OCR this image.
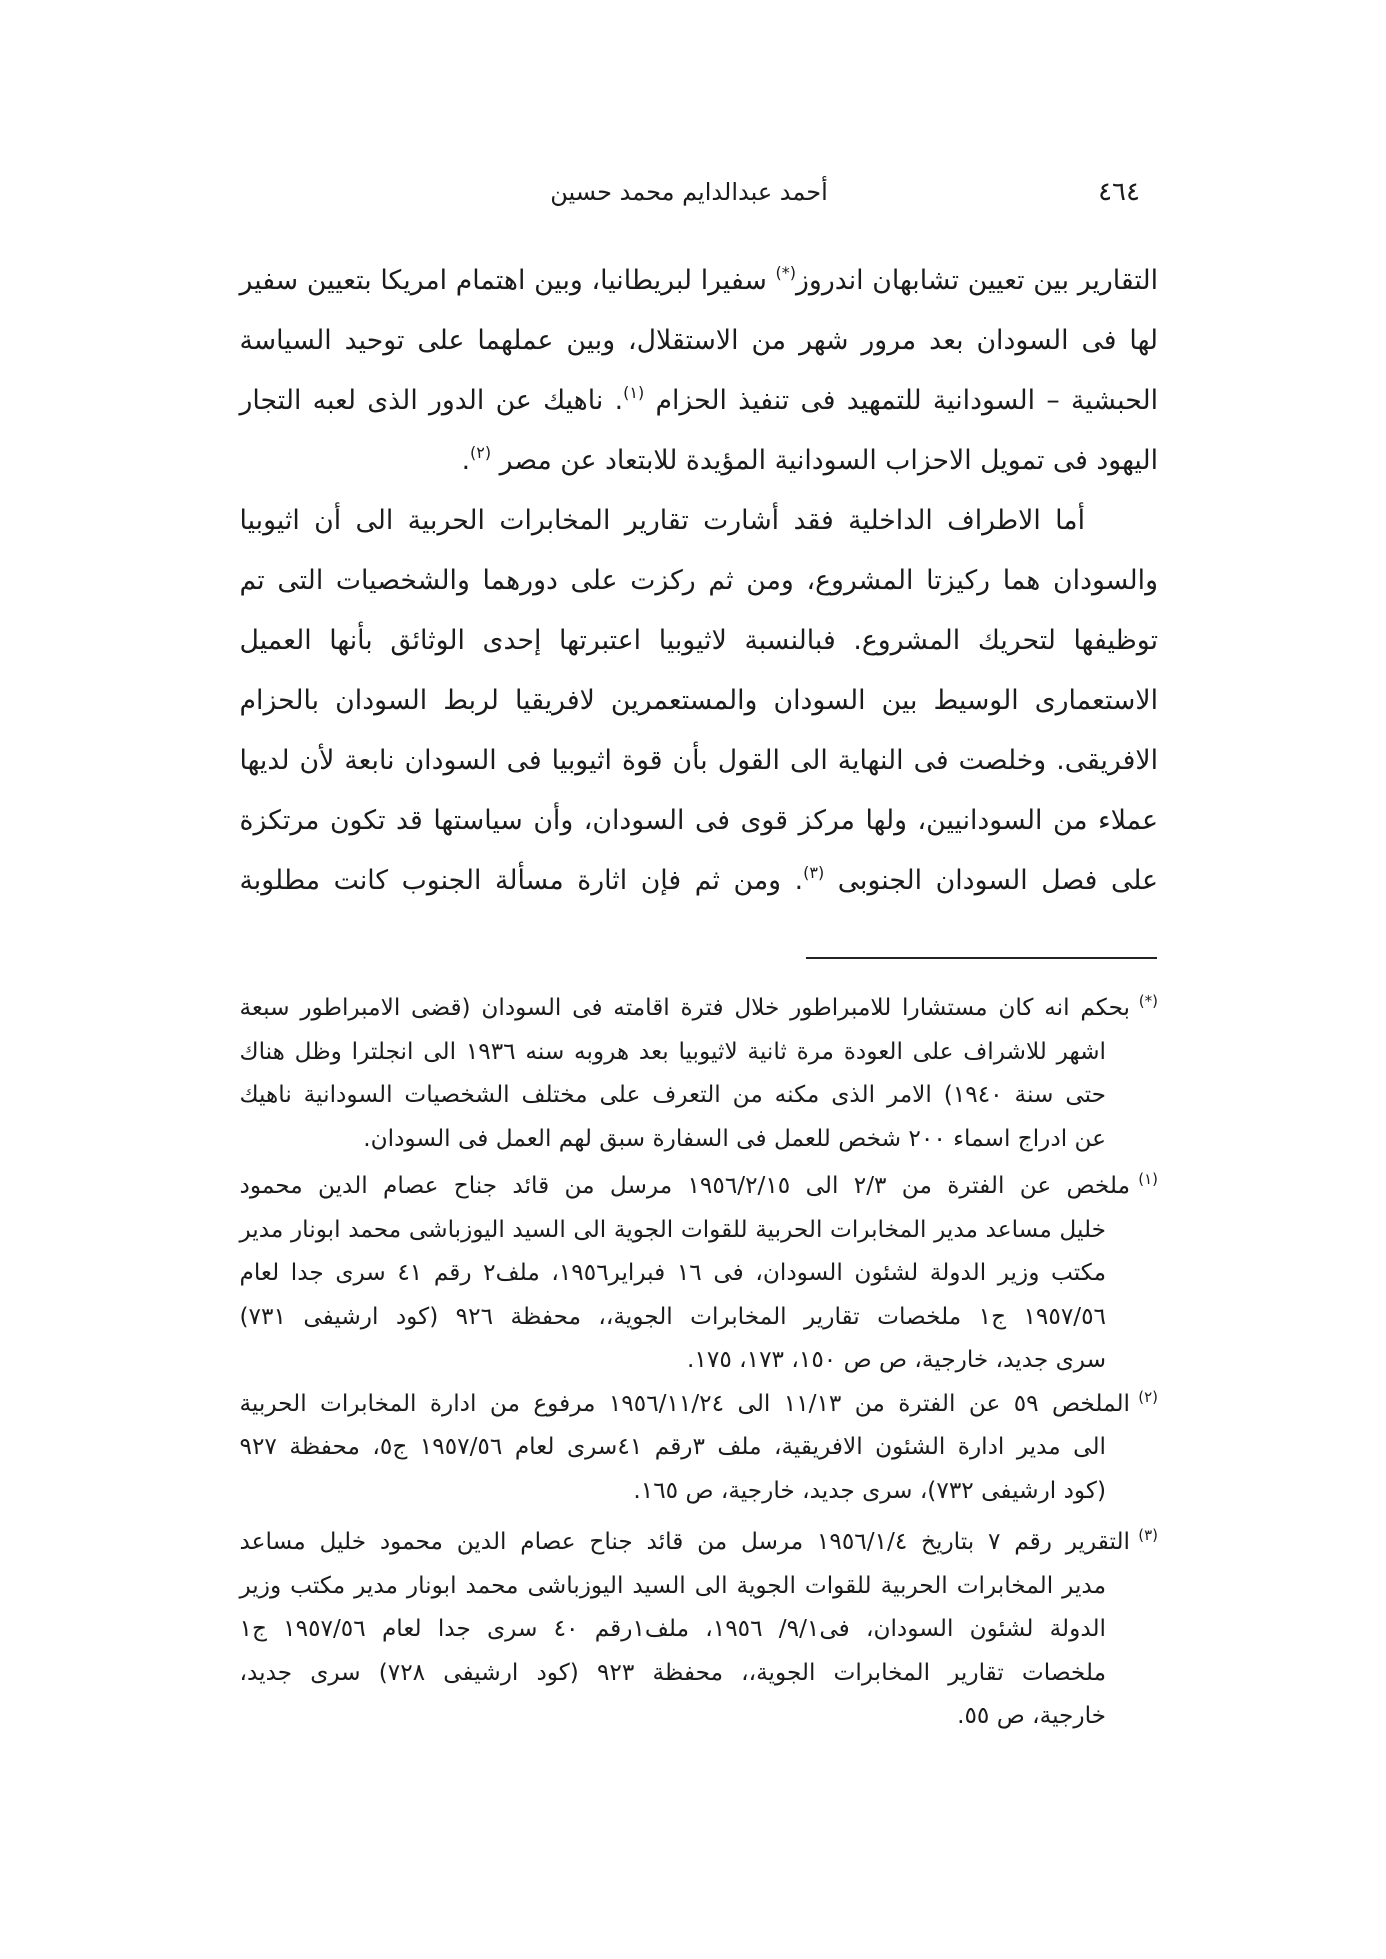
٤٦٤
أحمد عبدالدايم محمد حسين
التقارير بين تعيين تشابهان اندروز(*) سفيرا لبريطانيا، وبين اهتمام امريكا بتعيين سفير
لها فى السودان بعد مرور شهر من الاستقلال، وبين عملهما على توحيد السياسة
الحبشية – السودانية للتمهيد فى تنفيذ الحزام $^{(١)}$. ناهيك عن الدور الذى لعبه التجار
اليهود فى تمويل الاحزاب السودانية المؤيدة للابتعاد عن مصر $^{(٢)}$.
أما الاطراف الداخلية فقد أشارت تقارير المخابرات الحربية الى أن اثيوبيا
والسودان هما ركيزتا المشروع، ومن ثم ركزت على دورهما والشخصيات التى تم
توظيفها لتحريك المشروع. فبالنسبة لاثيوبيا اعتبرتها إحدى الوثائق بأنها العميل
الاستعمارى الوسيط بين السودان والمستعمرين لافريقيا لربط السودان بالحزام
الافريقى. وخلصت فى النهاية الى القول بأن قوة اثيوبيا فى السودان نابعة لأن لديها
عملاء من السودانيين، ولها مركز قوى فى السودان، وأن سياستها قد تكون مرتكزة
على فصل السودان الجنوبى $^{(٣)}$. ومن ثم فإن اثارة مسألة الجنوب كانت مطلوبة
(*)
بحكم انه كان مستشارا للامبراطور خلال فترة اقامته فى السودان (قضى الامبراطور سبعة
اشهر للاشراف على العودة مرة ثانية لاثيوبيا بعد هروبه سنه ١٩٣٦ الى انجلترا وظل هناك
حتى سنة ١٩٤٠) الامر الذى مكنه من التعرف على مختلف الشخصيات السودانية ناهيك
عن ادراج اسماء ٢٠٠ شخص للعمل فى السفارة سبق لهم العمل فى السودان.
(١)
ملخص عن الفترة من ٢/٣ الى ١٩٥٦/٢/١٥ مرسل من قائد جناح عصام الدين محمود
خليل مساعد مدير المخابرات الحربية للقوات الجوية الى السيد اليوزباشى محمد ابونار مدير
مكتب وزير الدولة لشئون السودان، فى ١٦ فبراير١٩٥٦، ملف٢ رقم ٤١ سرى جدا لعام
١٩٥٧/٥٦ ج١ ملخصات تقارير المخابرات الجوية،، محفظة ٩٢٦ (كود ارشيفى ٧٣١)
سرى جديد، خارجية، ص ص ١٥٠، ١٧٣، ١٧٥.
(٢)
الملخص ٥٩ عن الفترة من ١١/١٣ الى ١٩٥٦/١١/٢٤ مرفوع من ادارة المخابرات الحربية
الى مدير ادارة الشئون الافريقية، ملف ٣رقم ٤١سرى لعام ١٩٥٧/٥٦ ج٥، محفظة ٩٢٧
(كود ارشيفى ٧٣٢)، سرى جديد، خارجية، ص ١٦٥.
(٣)
التقرير رقم ٧ بتاريخ ١٩٥٦/١/٤ مرسل من قائد جناح عصام الدين محمود خليل مساعد
مدير المخابرات الحربية للقوات الجوية الى السيد اليوزباشى محمد ابونار مدير مكتب وزير
الدولة لشئون السودان، فى٩/١/ ١٩٥٦، ملف١رقم ٤٠ سرى جدا لعام ١٩٥٧/٥٦ ج١
ملخصات تقارير المخابرات الجوية،، محفظة ٩٢٣ (كود ارشيفى ٧٢٨) سرى جديد،
خارجية، ص ٥٥.
